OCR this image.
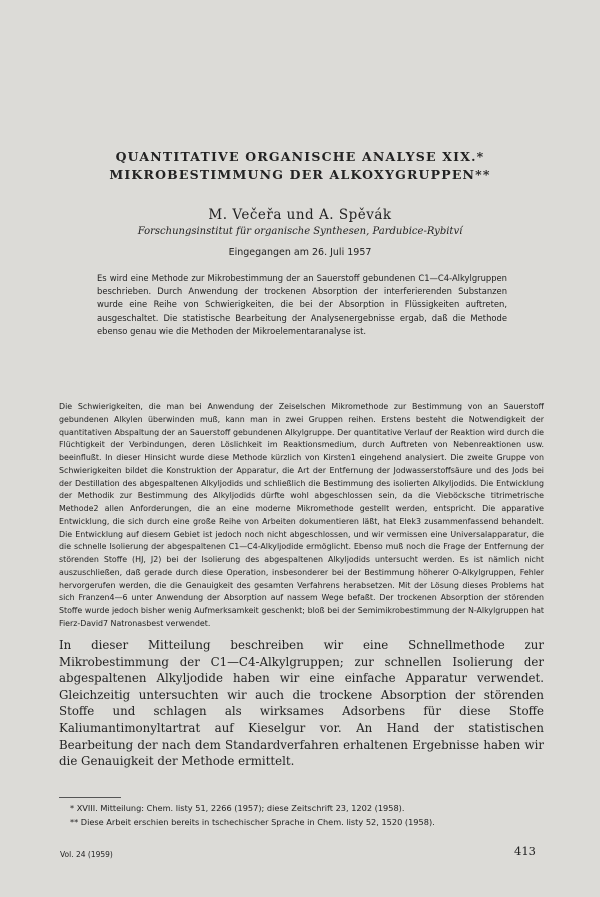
QUANTITATIVE ORGANISCHE ANALYSE XIX.*
MIKROBESTIMMUNG DER ALKOXYGRUPPEN**

M. Večeřa und A. Spěvák

Forschungsinstitut für organische Synthesen, Pardubice-Rybitví

Eingegangen am 26. Juli 1957

Es wird eine Methode zur Mikrobestimmung der an Sauerstoff gebundenen C1—C4-Alkylgruppen beschrieben. Durch Anwendung der trockenen Absorption der interferierenden Substanzen wurde eine Reihe von Schwierigkeiten, die bei der Absorption in Flüssigkeiten auftreten, ausgeschaltet. Die statistische Bearbeitung der Analysenergebnisse ergab, daß die Methode ebenso genau wie die Methoden der Mikroelementaranalyse ist.

Die Schwierigkeiten, die man bei Anwendung der Zeiselschen Mikromethode zur Bestimmung von an Sauerstoff gebundenen Alkylen überwinden muß, kann man in zwei Gruppen reihen. Erstens besteht die Notwendigkeit der quantitativen Abspaltung der an Sauerstoff gebundenen Alkylgruppe. Der quantitative Verlauf der Reaktion wird durch die Flüchtigkeit der Verbindungen, deren Löslichkeit im Reaktionsmedium, durch Auftreten von Nebenreaktionen usw. beeinflußt. In dieser Hinsicht wurde diese Methode kürzlich von Kirsten1 eingehend analysiert. Die zweite Gruppe von Schwierigkeiten bildet die Konstruktion der Apparatur, die Art der Entfernung der Jodwasserstoffsäure und des Jods bei der Destillation des abgespaltenen Alkyljodids und schließlich die Bestimmung des isolierten Alkyljodids. Die Entwicklung der Methodik zur Bestimmung des Alkyljodids dürfte wohl abgeschlossen sein, da die Vieböcksche titrimetrische Methode2 allen Anforderungen, die an eine moderne Mikromethode gestellt werden, entspricht. Die apparative Entwicklung, die sich durch eine große Reihe von Arbeiten dokumentieren läßt, hat Elek3 zusammenfassend behandelt. Die Entwicklung auf diesem Gebiet ist jedoch noch nicht abgeschlossen, und wir vermissen eine Universalapparatur, die die schnelle Isolierung der abgespaltenen C1—C4-Alkyljodide ermöglicht. Ebenso muß noch die Frage der Entfernung der störenden Stoffe (HJ, J2) bei der Isolierung des abgespaltenen Alkyljodids untersucht werden. Es ist nämlich nicht auszuschließen, daß gerade durch diese Operation, insbesonderer bei der Bestimmung höherer O-Alkylgruppen, Fehler hervorgerufen werden, die die Genauigkeit des gesamten Verfahrens herabsetzen. Mit der Lösung dieses Problems hat sich Franzen4—6 unter Anwendung der Absorption auf nassem Wege befaßt. Der trockenen Absorption der störenden Stoffe wurde jedoch bisher wenig Aufmerksamkeit geschenkt; bloß bei der Semimikrobestimmung der N-Alkylgruppen hat Fierz-David7 Natronasbest verwendet.

In dieser Mitteilung beschreiben wir eine Schnellmethode zur Mikrobestimmung der C1—C4-Alkylgruppen; zur schnellen Isolierung der abgespaltenen Alkyljodide haben wir eine einfache Apparatur verwendet. Gleichzeitig untersuchten wir auch die trockene Absorption der störenden Stoffe und schlagen als wirksames Adsorbens für diese Stoffe Kaliumantimonyltartrat auf Kieselgur vor. An Hand der statistischen Bearbeitung der nach dem Standardverfahren erhaltenen Ergebnisse haben wir die Genauigkeit der Methode ermittelt.

* XVIII. Mitteilung: Chem. listy 51, 2266 (1957); diese Zeitschrift 23, 1202 (1958).
** Diese Arbeit erschien bereits in tschechischer Sprache in Chem. listy 52, 1520 (1958).
Vol. 24 (1959)	413
